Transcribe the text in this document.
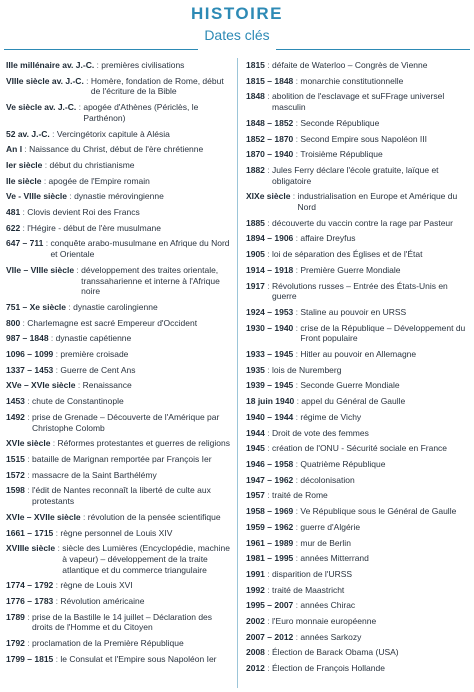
HISTOIRE
Dates clés
IIIe millénaire av. J.-C. : premières civilisations
VIIIe siècle av. J.-C. : Homère, fondation de Rome, début de l'écriture de la Bible
Ve siècle av. J.-C. : apogée d'Athènes (Périclès, le Parthénon)
52 av. J.-C. : Vercingétorix capitule à Alésia
An I : Naissance du Christ, début de l'ère chrétienne
Ier siècle : début du christianisme
IIe siècle : apogée de l'Empire romain
Ve - VIIIe siècle : dynastie mérovingienne
481 : Clovis devient Roi des Francs
622 : l'Hégire - début de l'ère musulmane
647 – 711 : conquête arabo-musulmane en Afrique du Nord et Orientale
VIIe – VIIIe siècle : développement des traites orientale, transsaharienne et interne à l'Afrique noire
751 – Xe siècle : dynastie carolingienne
800 : Charlemagne est sacré Empereur d'Occident
987 – 1848 : dynastie capétienne
1096 – 1099 : première croisade
1337 – 1453 : Guerre de Cent Ans
XVe – XVIe siècle : Renaissance
1453 : chute de Constantinople
1492 : prise de Grenade – Découverte de l'Amérique par Christophe Colomb
XVIe siècle : Réformes protestantes et guerres de religions
1515 : bataille de Marignan remportée par François Ier
1572 : massacre de la Saint Barthélémy
1598 : l'édit de Nantes reconnaît la liberté de culte aux protestants
XVIe – XVIIe siècle : révolution de la pensée scientifique
1661 – 1715 : règne personnel de Louis XIV
XVIIIe siècle : siècle des Lumières (Encyclopédie, machine à vapeur) – développement de la traite atlantique et du commerce triangulaire
1774 – 1792 : règne de Louis XVI
1776 – 1783 : Révolution américaine
1789 : prise de la Bastille le 14 juillet – Déclaration des droits de l'Homme et du Citoyen
1792 : proclamation de la Première République
1799 – 1815 : le Consulat et l'Empire sous Napoléon Ier
1815 : défaite de Waterloo – Congrès de Vienne
1815 – 1848 : monarchie constitutionnelle
1848 : abolition de l'esclavage et suFFrage universel masculin
1848 – 1852 : Seconde République
1852 – 1870 : Second Empire sous Napoléon III
1870 – 1940 : Troisième République
1882 : Jules Ferry déclare l'école gratuite, laïque et obligatoire
XIXe siècle : industrialisation en Europe et Amérique du Nord
1885 : découverte du vaccin contre la rage par Pasteur
1894 – 1906 : affaire Dreyfus
1905 : loi de séparation des Églises et de l'État
1914 – 1918 : Première Guerre Mondiale
1917 : Révolutions russes – Entrée des États-Unis en guerre
1924 – 1953 : Staline au pouvoir en URSS
1930 – 1940 : crise de la République – Développement du Front populaire
1933 – 1945 : Hitler au pouvoir en Allemagne
1935 : lois de Nuremberg
1939 – 1945 : Seconde Guerre Mondiale
18 juin 1940 : appel du Général de Gaulle
1940 – 1944 : régime de Vichy
1944 : Droit de vote des femmes
1945 : création de l'ONU - Sécurité sociale en France
1946 – 1958 : Quatrième République
1947 – 1962 : décolonisation
1957 : traité de Rome
1958 – 1969 : Ve République sous le Général de Gaulle
1959 – 1962 : guerre d'Algérie
1961 – 1989 : mur de Berlin
1981 – 1995 : années Mitterrand
1991 : disparition de l'URSS
1992 : traité de Maastricht
1995 – 2007 : années Chirac
2002 : l'Euro monnaie européenne
2007 – 2012 : années Sarkozy
2008 : Élection de Barack Obama (USA)
2012 : Élection de François Hollande
